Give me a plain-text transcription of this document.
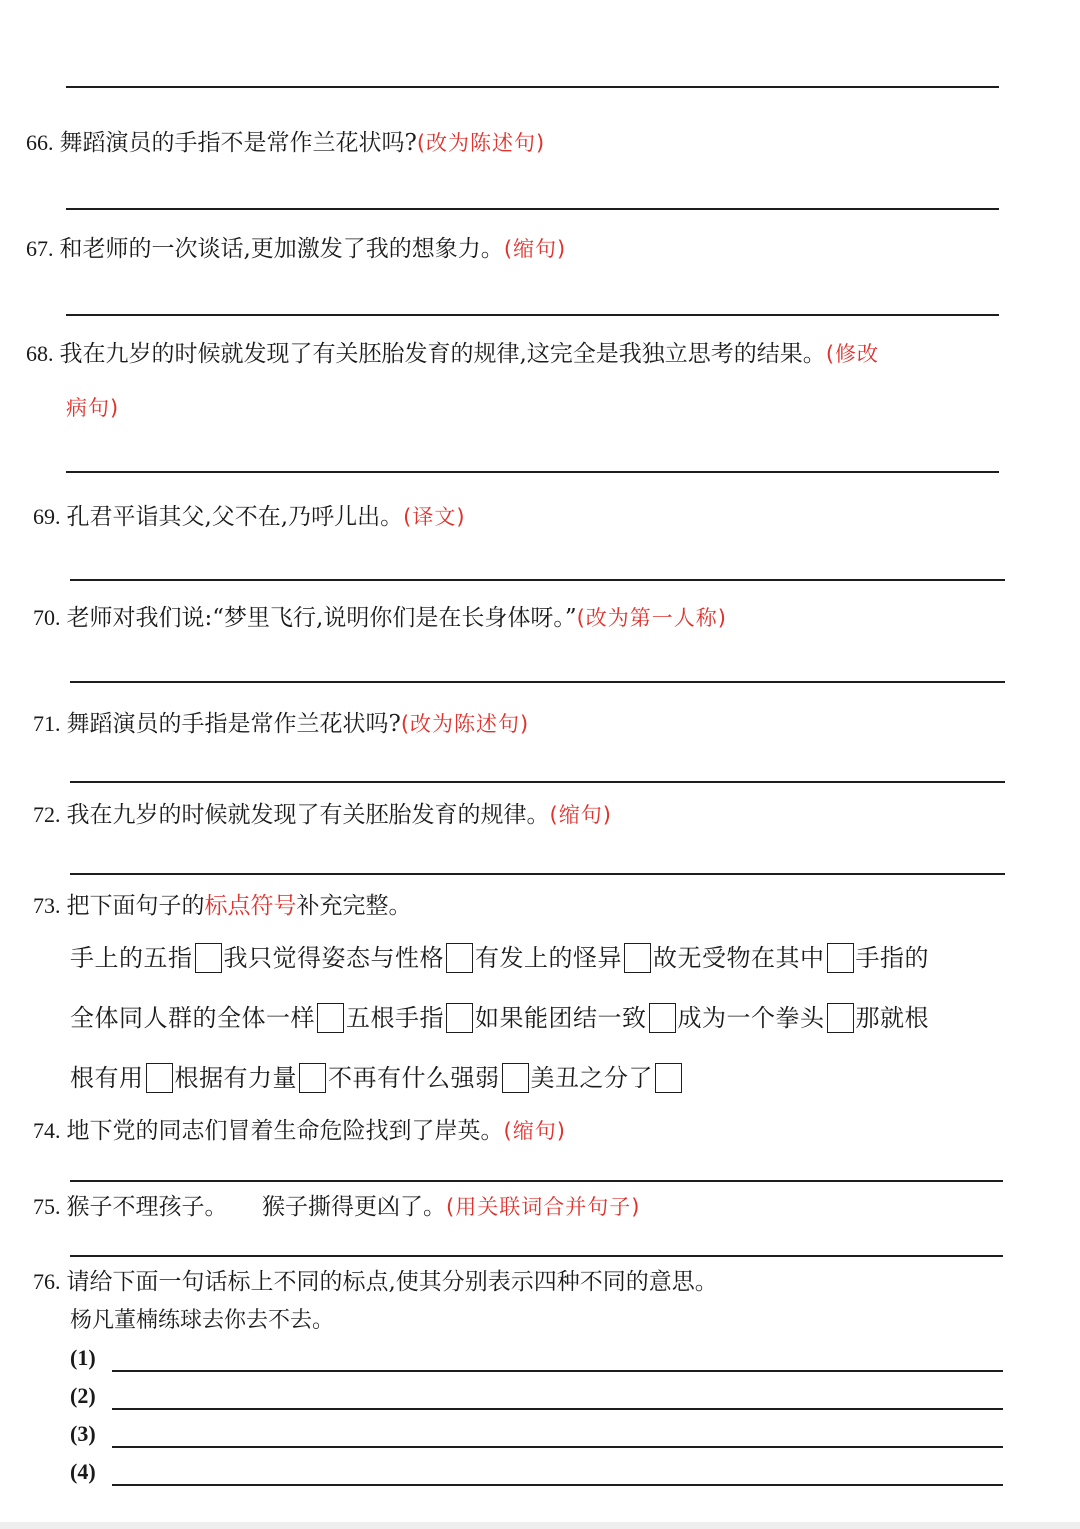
66. 舞蹈演员的手指不是常作兰花状吗?(改为陈述句)
67. 和老师的一次谈话,更加激发了我的想象力。(缩句)
68. 我在九岁的时候就发现了有关胚胎发育的规律,这完全是我独立思考的结果。(修改
病句)
69. 孔君平诣其父,父不在,乃呼儿出。(译文)
70. 老师对我们说:“梦里飞行,说明你们是在长身体呀。”(改为第一人称)
71. 舞蹈演员的手指是常作兰花状吗?(改为陈述句)
72. 我在九岁的时候就发现了有关胚胎发育的规律。(缩句)
73. 把下面句子的标点符号补充完整。
手上的五指 我只觉得姿态与性格 有发上的怪异 故无受物在其中 手指的
全体同人群的全体一样 五根手指 如果能团结一致 成为一个拳头 那就根
根有用 根据有力量 不再有什么强弱 美丑之分了
74. 地下党的同志们冒着生命危险找到了岸英。(缩句)
75. 猴子不理孩子。　　猴子撕得更凶了。(用关联词合并句子)
76. 请给下面一句话标上不同的标点,使其分别表示四种不同的意思。
杨凡董楠练球去你去不去。
(1)
(2)
(3)
(4)
